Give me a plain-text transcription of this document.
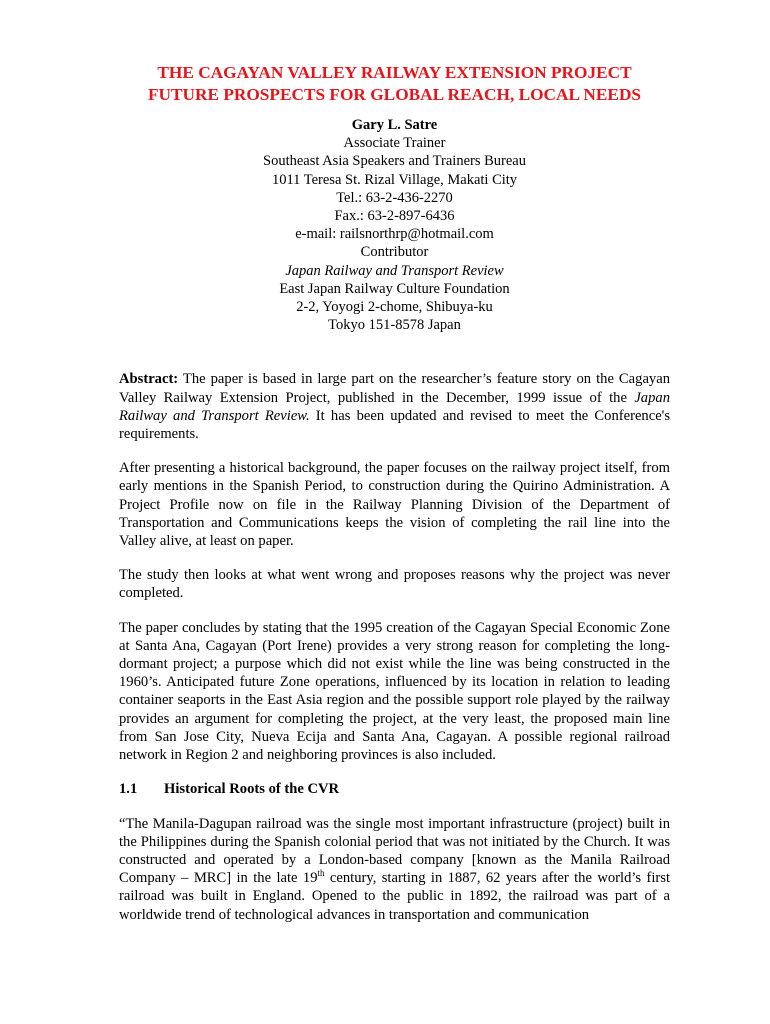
THE CAGAYAN VALLEY RAILWAY EXTENSION PROJECT
FUTURE PROSPECTS FOR GLOBAL REACH, LOCAL NEEDS
Gary L. Satre
Associate Trainer
Southeast Asia Speakers and Trainers Bureau
1011 Teresa St. Rizal Village, Makati City
Tel.: 63-2-436-2270
Fax.: 63-2-897-6436
e-mail: railsnorthrp@hotmail.com
Contributor
Japan Railway and Transport Review
East Japan Railway Culture Foundation
2-2, Yoyogi 2-chome, Shibuya-ku
Tokyo 151-8578 Japan

Abstract: The paper is based in large part on the researcher’s feature story on the Cagayan Valley Railway Extension Project, published in the December, 1999 issue of the Japan Railway and Transport Review. It has been updated and revised to meet the Conference's requirements.

After presenting a historical background, the paper focuses on the railway project itself, from early mentions in the Spanish Period, to construction during the Quirino Administration. A Project Profile now on file in the Railway Planning Division of the Department of Transportation and Communications keeps the vision of completing the rail line into the Valley alive, at least on paper.

The study then looks at what went wrong and proposes reasons why the project was never completed.

The paper concludes by stating that the 1995 creation of the Cagayan Special Economic Zone at Santa Ana, Cagayan (Port Irene) provides a very strong reason for completing the long-dormant project; a purpose which did not exist while the line was being constructed in the 1960’s. Anticipated future Zone operations, influenced by its location in relation to leading container seaports in the East Asia region and the possible support role played by the railway provides an argument for completing the project, at the very least, the proposed main line from San Jose City, Nueva Ecija and Santa Ana, Cagayan. A possible regional railroad network in Region 2 and neighboring provinces is also included.

1.1	Historical Roots of the CVR

“The Manila-Dagupan railroad was the single most important infrastructure (project) built in the Philippines during the Spanish colonial period that was not initiated by the Church. It was constructed and operated by a London-based company [known as the Manila Railroad Company – MRC] in the late 19th century, starting in 1887, 62 years after the world’s first railroad was built in England. Opened to the public in 1892, the railroad was part of a worldwide trend of technological advances in transportation and communication
